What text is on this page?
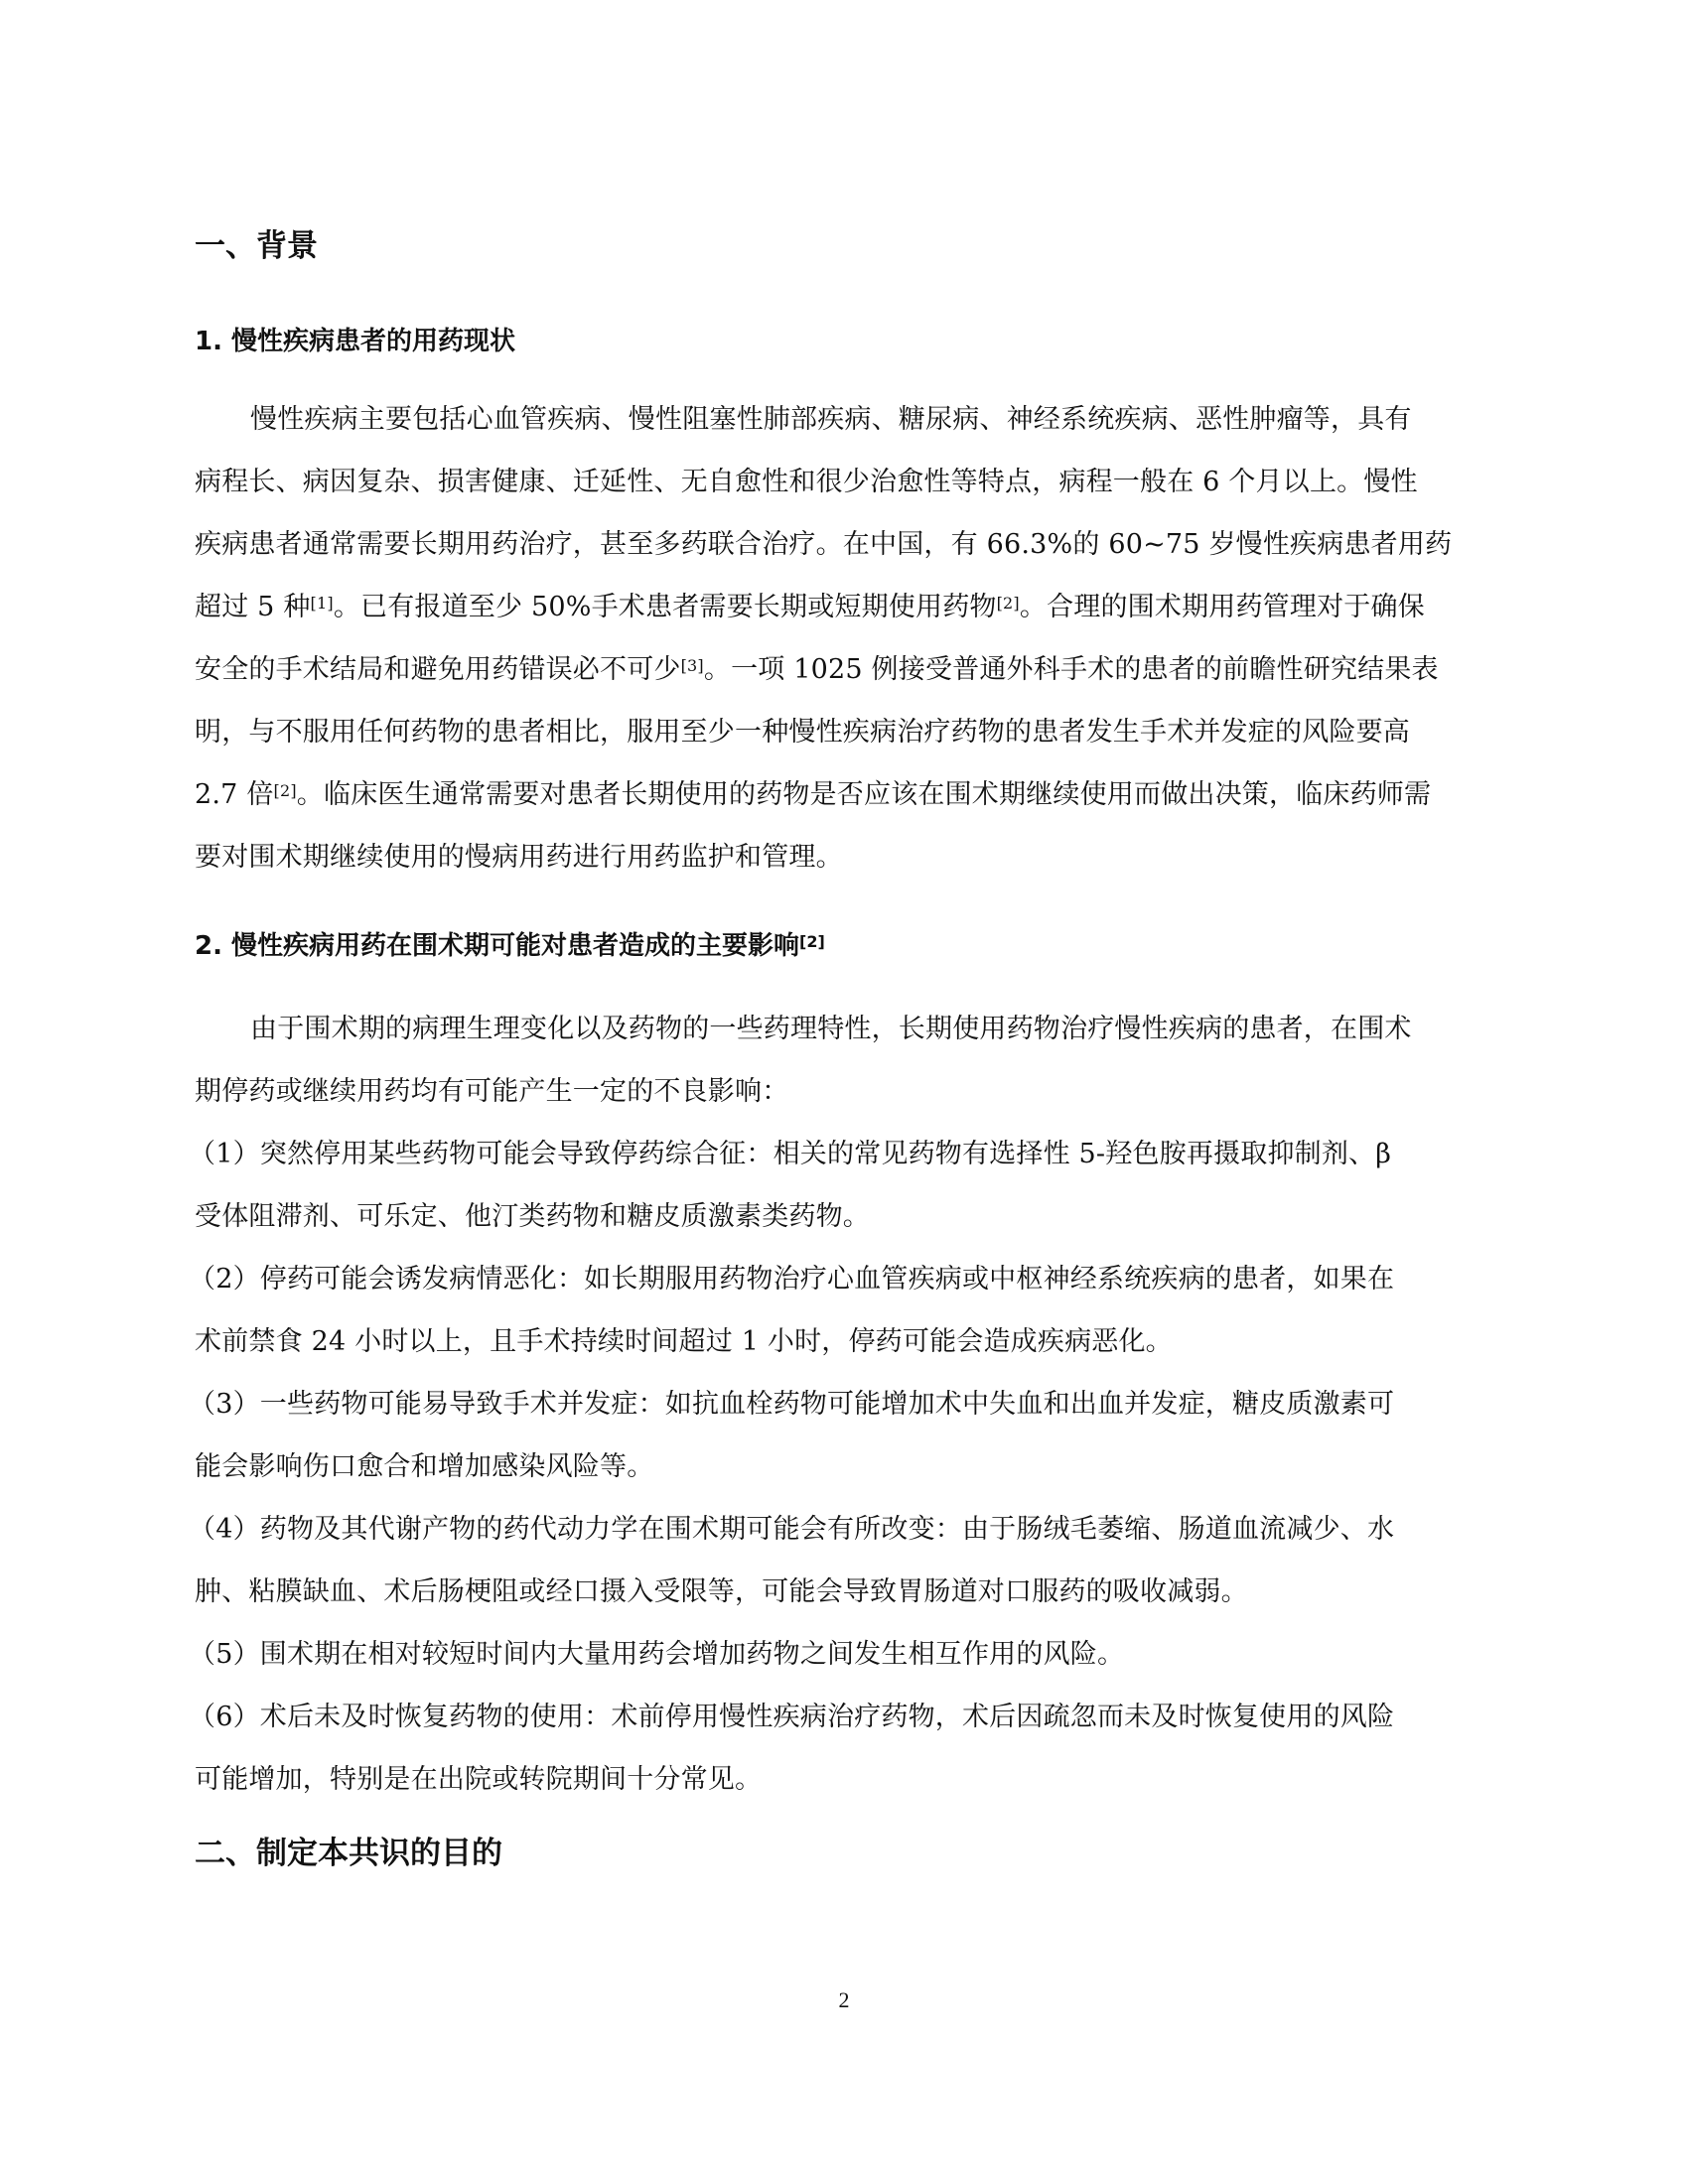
一、背景
1. 慢性疾病患者的用药现状
慢性疾病主要包括心血管疾病、慢性阻塞性肺部疾病、糖尿病、神经系统疾病、恶性肿瘤等，具有
病程长、病因复杂、损害健康、迁延性、无自愈性和很少治愈性等特点，病程一般在 6 个月以上。慢性
疾病患者通常需要长期用药治疗，甚至多药联合治疗。在中国，有 66.3%的 60~75 岁慢性疾病患者用药
超过 5 种[1]。已有报道至少 50%手术患者需要长期或短期使用药物[2]。合理的围术期用药管理对于确保
安全的手术结局和避免用药错误必不可少[3]。一项 1025 例接受普通外科手术的患者的前瞻性研究结果表
明，与不服用任何药物的患者相比，服用至少一种慢性疾病治疗药物的患者发生手术并发症的风险要高
2.7 倍[2]。临床医生通常需要对患者长期使用的药物是否应该在围术期继续使用而做出决策，临床药师需
要对围术期继续使用的慢病用药进行用药监护和管理。
2. 慢性疾病用药在围术期可能对患者造成的主要影响[2]
由于围术期的病理生理变化以及药物的一些药理特性，长期使用药物治疗慢性疾病的患者，在围术
期停药或继续用药均有可能产生一定的不良影响：
（1）突然停用某些药物可能会导致停药综合征：相关的常见药物有选择性 5-羟色胺再摄取抑制剂、β
受体阻滞剂、可乐定、他汀类药物和糖皮质激素类药物。
（2）停药可能会诱发病情恶化：如长期服用药物治疗心血管疾病或中枢神经系统疾病的患者，如果在
术前禁食 24 小时以上，且手术持续时间超过 1 小时，停药可能会造成疾病恶化。
（3）一些药物可能易导致手术并发症：如抗血栓药物可能增加术中失血和出血并发症，糖皮质激素可
能会影响伤口愈合和增加感染风险等。
（4）药物及其代谢产物的药代动力学在围术期可能会有所改变：由于肠绒毛萎缩、肠道血流减少、水
肿、粘膜缺血、术后肠梗阻或经口摄入受限等，可能会导致胃肠道对口服药的吸收减弱。
（5）围术期在相对较短时间内大量用药会增加药物之间发生相互作用的风险。
（6）术后未及时恢复药物的使用：术前停用慢性疾病治疗药物，术后因疏忽而未及时恢复使用的风险
可能增加，特别是在出院或转院期间十分常见。
二、制定本共识的目的
2
